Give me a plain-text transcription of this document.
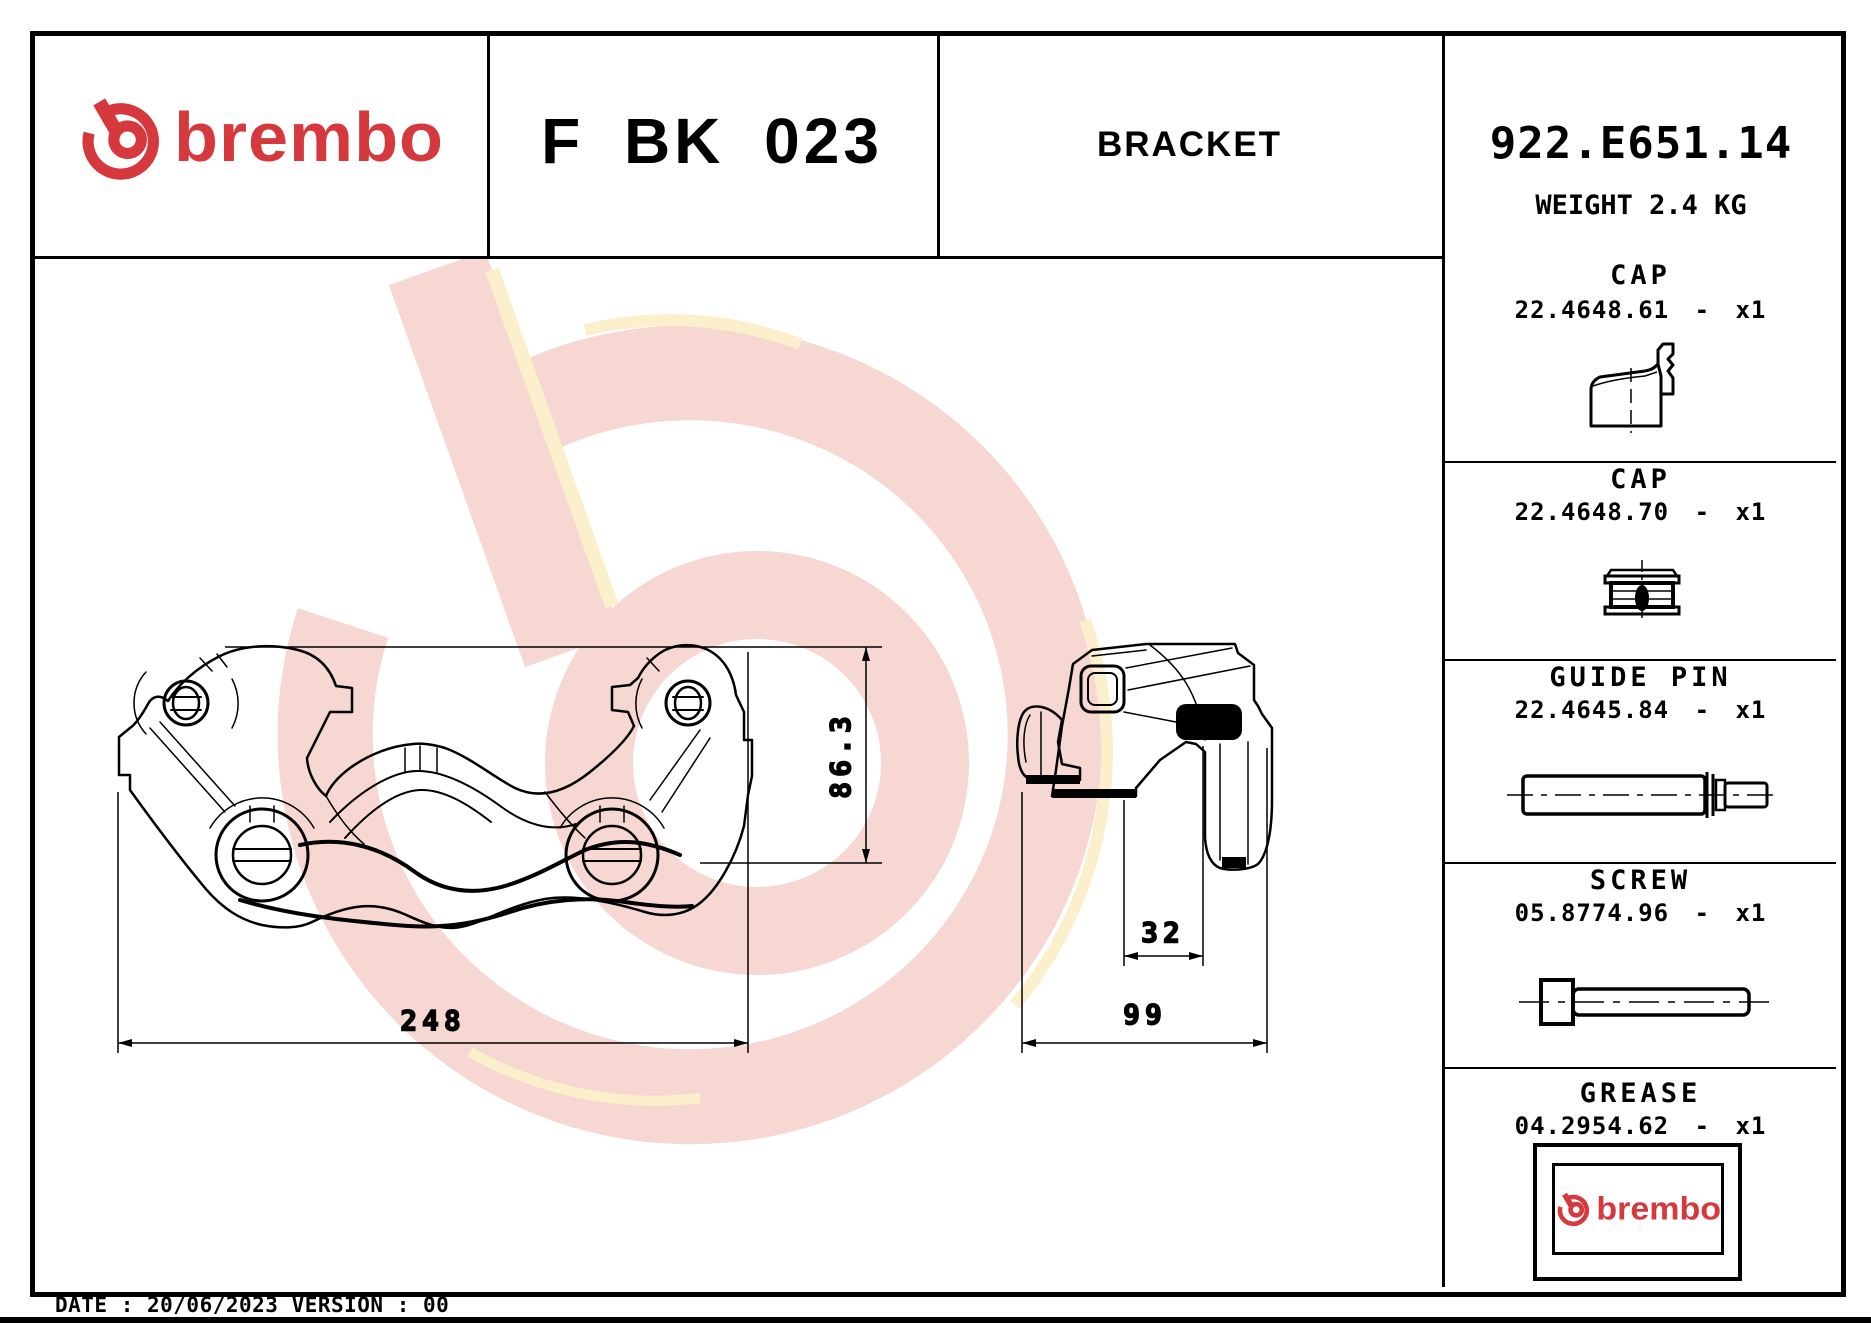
86.3
248
32
99
brembo	F BK 023	BRACKET	922.E651.14
WEIGHT 2.4 KG
CAP
22.4648.61 - x1
CAP
22.4648.70 - x1
GUIDE PIN
22.4645.84 - x1
SCREW
05.8774.96 - x1
GREASE
04.2954.62 - x1
brembo
DATE : 20/06/2023 VERSION : 00
